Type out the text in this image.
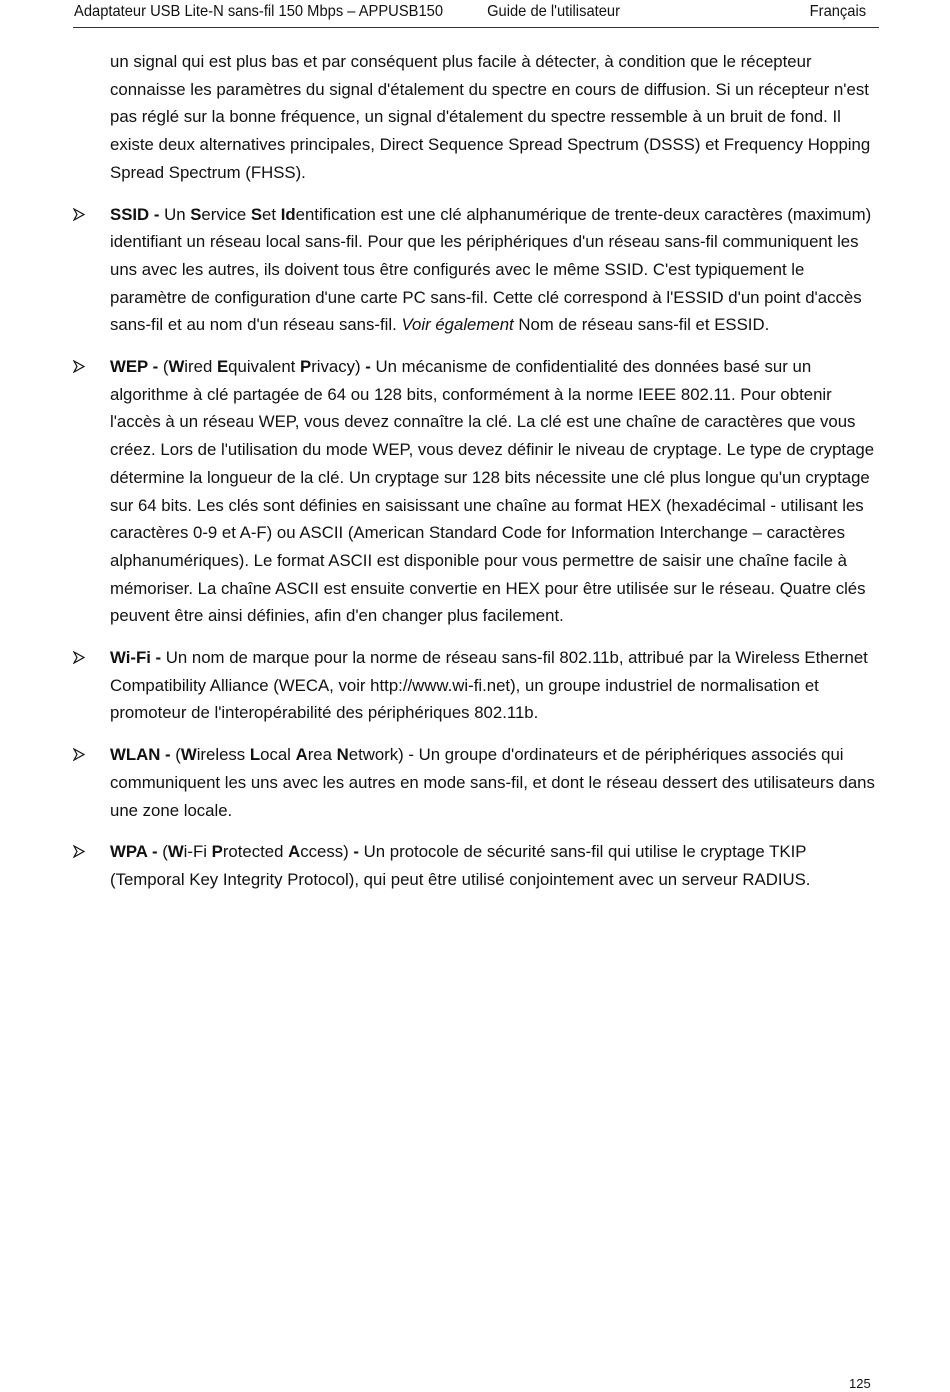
Adaptateur USB Lite-N sans-fil 150 Mbps – APPUSB150	Guide de l'utilisateur	Français

un signal qui est plus bas et par conséquent plus facile à détecter, à condition que le récepteur connaisse les paramètres du signal d'étalement du spectre en cours de diffusion. Si un récepteur n'est pas réglé sur la bonne fréquence, un signal d'étalement du spectre ressemble à un bruit de fond. Il existe deux alternatives principales, Direct Sequence Spread Spectrum (DSSS) et Frequency Hopping Spread Spectrum (FHSS).

SSID - Un Service Set Identification est une clé alphanumérique de trente-deux caractères (maximum) identifiant un réseau local sans-fil. Pour que les périphériques d'un réseau sans-fil communiquent les uns avec les autres, ils doivent tous être configurés avec le même SSID. C'est typiquement le paramètre de configuration d'une carte PC sans-fil. Cette clé correspond à l'ESSID d'un point d'accès sans-fil et au nom d'un réseau sans-fil. Voir également Nom de réseau sans-fil et ESSID.
WEP - (Wired Equivalent Privacy) - Un mécanisme de confidentialité des données basé sur un algorithme à clé partagée de 64 ou 128 bits, conformément à la norme IEEE 802.11. Pour obtenir l'accès à un réseau WEP, vous devez connaître la clé. La clé est une chaîne de caractères que vous créez. Lors de l'utilisation du mode WEP, vous devez définir le niveau de cryptage. Le type de cryptage détermine la longueur de la clé. Un cryptage sur 128 bits nécessite une clé plus longue qu'un cryptage sur 64 bits. Les clés sont définies en saisissant une chaîne au format HEX (hexadécimal - utilisant les caractères 0-9 et A-F) ou ASCII (American Standard Code for Information Interchange – caractères alphanumériques). Le format ASCII est disponible pour vous permettre de saisir une chaîne facile à mémoriser. La chaîne ASCII est ensuite convertie en HEX pour être utilisée sur le réseau. Quatre clés peuvent être ainsi définies, afin d'en changer plus facilement.
Wi-Fi - Un nom de marque pour la norme de réseau sans-fil 802.11b, attribué par la Wireless Ethernet Compatibility Alliance (WECA, voir http://www.wi-fi.net), un groupe industriel de normalisation et promoteur de l'interopérabilité des périphériques 802.11b.
WLAN - (Wireless Local Area Network) - Un groupe d'ordinateurs et de périphériques associés qui communiquent les uns avec les autres en mode sans-fil, et dont le réseau dessert des utilisateurs dans une zone locale.
WPA - (Wi-Fi Protected Access) - Un protocole de sécurité sans-fil qui utilise le cryptage TKIP (Temporal Key Integrity Protocol), qui peut être utilisé conjointement avec un serveur RADIUS.
125
